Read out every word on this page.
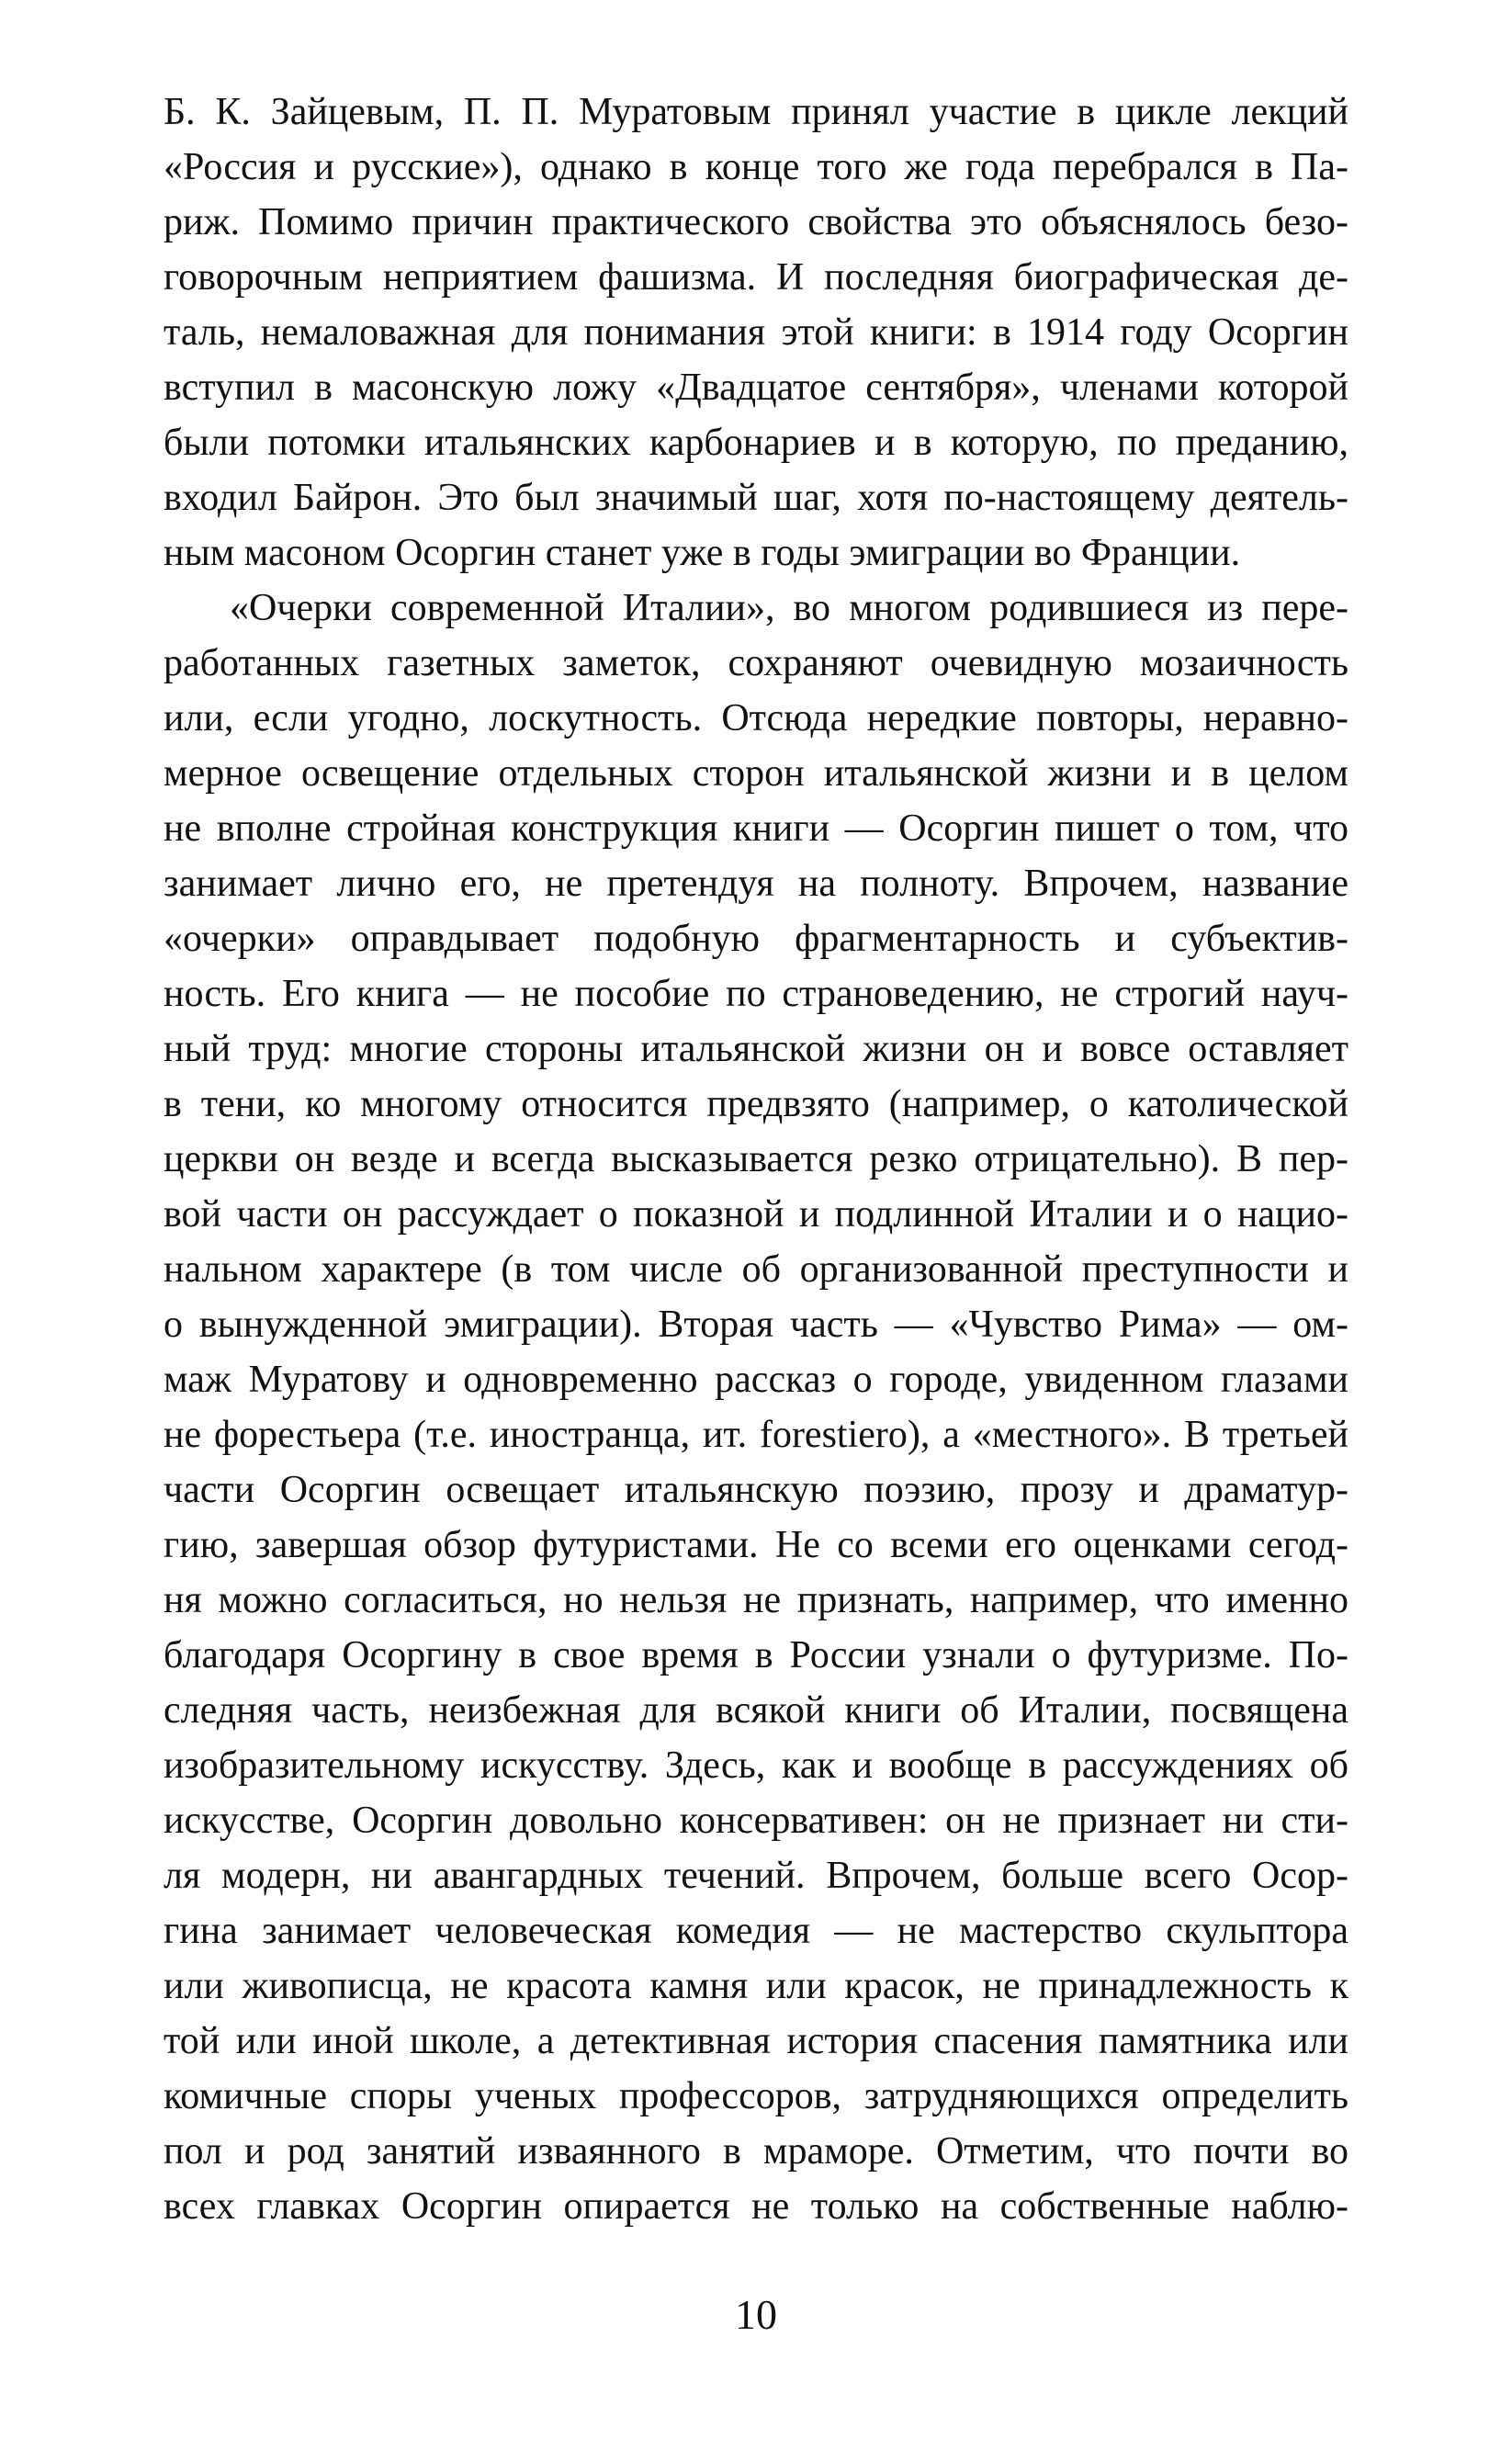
Б. К. Зайцевым, П. П. Муратовым принял участие в цикле лекций
«Россия и русские»), однако в конце того же года перебрался в Па-
риж. Помимо причин практического свойства это объяснялось безо-
говорочным неприятием фашизма. И последняя биографическая де-
таль, немаловажная для понимания этой книги: в 1914 году Осоргин
вступил в масонскую ложу «Двадцатое сентября», членами которой
были потомки итальянских карбонариев и в которую, по преданию,
входил Байрон. Это был значимый шаг, хотя по-настоящему деятель-
ным масоном Осоргин станет уже в годы эмиграции во Франции.
«Очерки современной Италии», во многом родившиеся из пере-
работанных газетных заметок, сохраняют очевидную мозаичность
или, если угодно, лоскутность. Отсюда нередкие повторы, неравно-
мерное освещение отдельных сторон итальянской жизни и в целом
не вполне стройная конструкция книги — Осоргин пишет о том, что
занимает лично его, не претендуя на полноту. Впрочем, название
«очерки» оправдывает подобную фрагментарность и субъектив-
ность. Его книга — не пособие по страноведению, не строгий науч-
ный труд: многие стороны итальянской жизни он и вовсе оставляет
в тени, ко многому относится предвзято (например, о католической
церкви он везде и всегда высказывается резко отрицательно). В пер-
вой части он рассуждает о показной и подлинной Италии и о нацио-
нальном характере (в том числе об организованной преступности и
о вынужденной эмиграции). Вторая часть — «Чувство Рима» — ом-
маж Муратову и одновременно рассказ о городе, увиденном глазами
не форестьера (т.е. иностранца, ит. forestiero), а «местного». В третьей
части Осоргин освещает итальянскую поэзию, прозу и драматур-
гию, завершая обзор футуристами. Не со всеми его оценками сегод-
ня можно согласиться, но нельзя не признать, например, что именно
благодаря Осоргину в свое время в России узнали о футуризме. По-
следняя часть, неизбежная для всякой книги об Италии, посвящена
изобразительному искусству. Здесь, как и вообще в рассуждениях об
искусстве, Осоргин довольно консервативен: он не признает ни сти-
ля модерн, ни авангардных течений. Впрочем, больше всего Осор-
гина занимает человеческая комедия — не мастерство скульптора
или живописца, не красота камня или красок, не принадлежность к
той или иной школе, а детективная история спасения памятника или
комичные споры ученых профессоров, затрудняющихся определить
пол и род занятий изваянного в мраморе. Отметим, что почти во
всех главках Осоргин опирается не только на собственные наблю-
10
